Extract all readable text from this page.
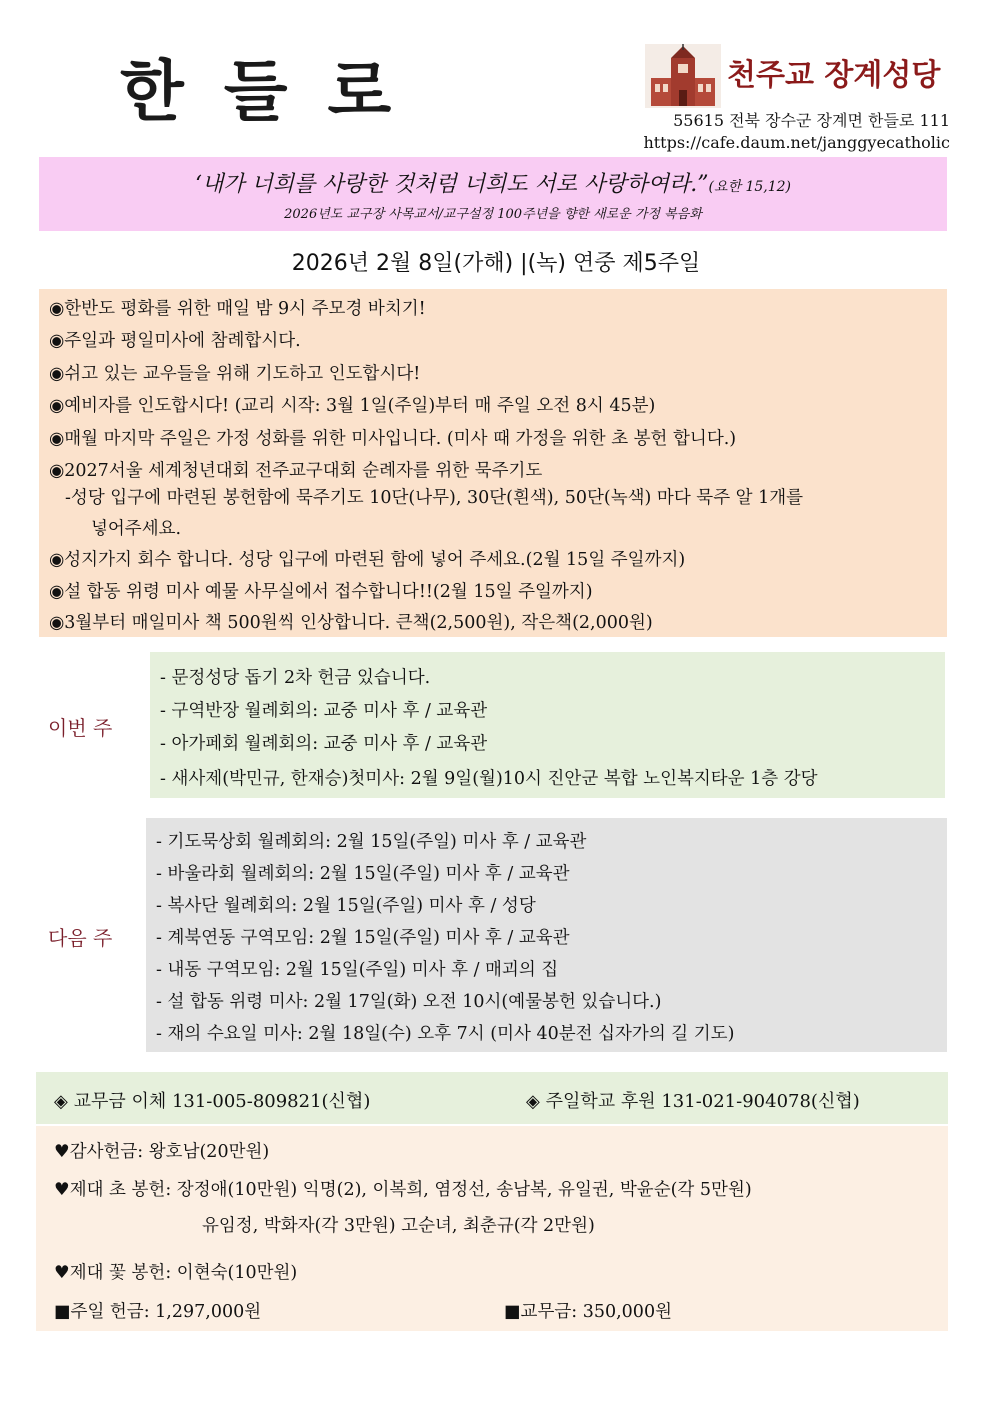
한들로	천주교 장계성당
55615 전북 장수군 장계면 한들로 111
https://cafe.daum.net/janggyecatholic
‘내가 너희를 사랑한 것처럼 너희도 서로 사랑하여라.”(요한 15,12)
2026년도 교구장 사목교서/교구설정 100주년을 향한 새로운 가정 복음화
2026년 2월 8일(가해) |(녹) 연중 제5주일
◉한반도 평화를 위한 매일 밤 9시 주모경 바치기!
◉주일과 평일미사에 참례합시다.
◉쉬고 있는 교우들을 위해 기도하고 인도합시다!
◉예비자를 인도합시다! (교리 시작: 3월 1일(주일)부터 매 주일 오전 8시 45분)
◉매월 마지막 주일은 가정 성화를 위한 미사입니다. (미사 때 가정을 위한 초 봉헌 합니다.)
◉2027서울 세계청년대회 전주교구대회 순례자를 위한 묵주기도
-성당 입구에 마련된 봉헌함에 묵주기도 10단(나무), 30단(흰색), 50단(녹색) 마다 묵주 알 1개를
넣어주세요.
◉성지가지 회수 합니다. 성당 입구에 마련된 함에 넣어 주세요.(2월 15일 주일까지)
◉설 합동 위령 미사 예물 사무실에서 접수합니다!!(2월 15일 주일까지)
◉3월부터 매일미사 책 500원씩 인상합니다. 큰책(2,500원), 작은책(2,000원)
이번 주
- 문정성당 돕기 2차 헌금 있습니다.
- 구역반장 월례회의: 교중 미사 후 / 교육관
- 아가페회 월례회의: 교중 미사 후 / 교육관
- 새사제(박민규, 한재승)첫미사: 2월 9일(월)10시 진안군 복합 노인복지타운 1층 강당
다음 주
- 기도묵상회 월례회의: 2월 15일(주일) 미사 후 / 교육관
- 바울라회 월례회의: 2월 15일(주일) 미사 후 / 교육관
- 복사단 월례회의: 2월 15일(주일) 미사 후 / 성당
- 계북연동 구역모임: 2월 15일(주일) 미사 후 / 교육관
- 내동 구역모임: 2월 15일(주일) 미사 후 / 매괴의 집
- 설 합동 위령 미사: 2월 17일(화) 오전 10시(예물봉헌 있습니다.)
- 재의 수요일 미사: 2월 18일(수) 오후 7시 (미사 40분전 십자가의 길 기도)
◈ 교무금 이체 131-005-809821(신협)	◈ 주일학교 후원 131-021-904078(신협)
♥감사헌금: 왕호남(20만원)
♥제대 초 봉헌: 장정애(10만원) 익명(2), 이복희, 염정선, 송남복, 유일권, 박윤순(각 5만원)
유임정, 박화자(각 3만원) 고순녀, 최춘규(각 2만원)
♥제대 꽃 봉헌: 이현숙(10만원)
■주일 헌금: 1,297,000원	■교무금: 350,000원
